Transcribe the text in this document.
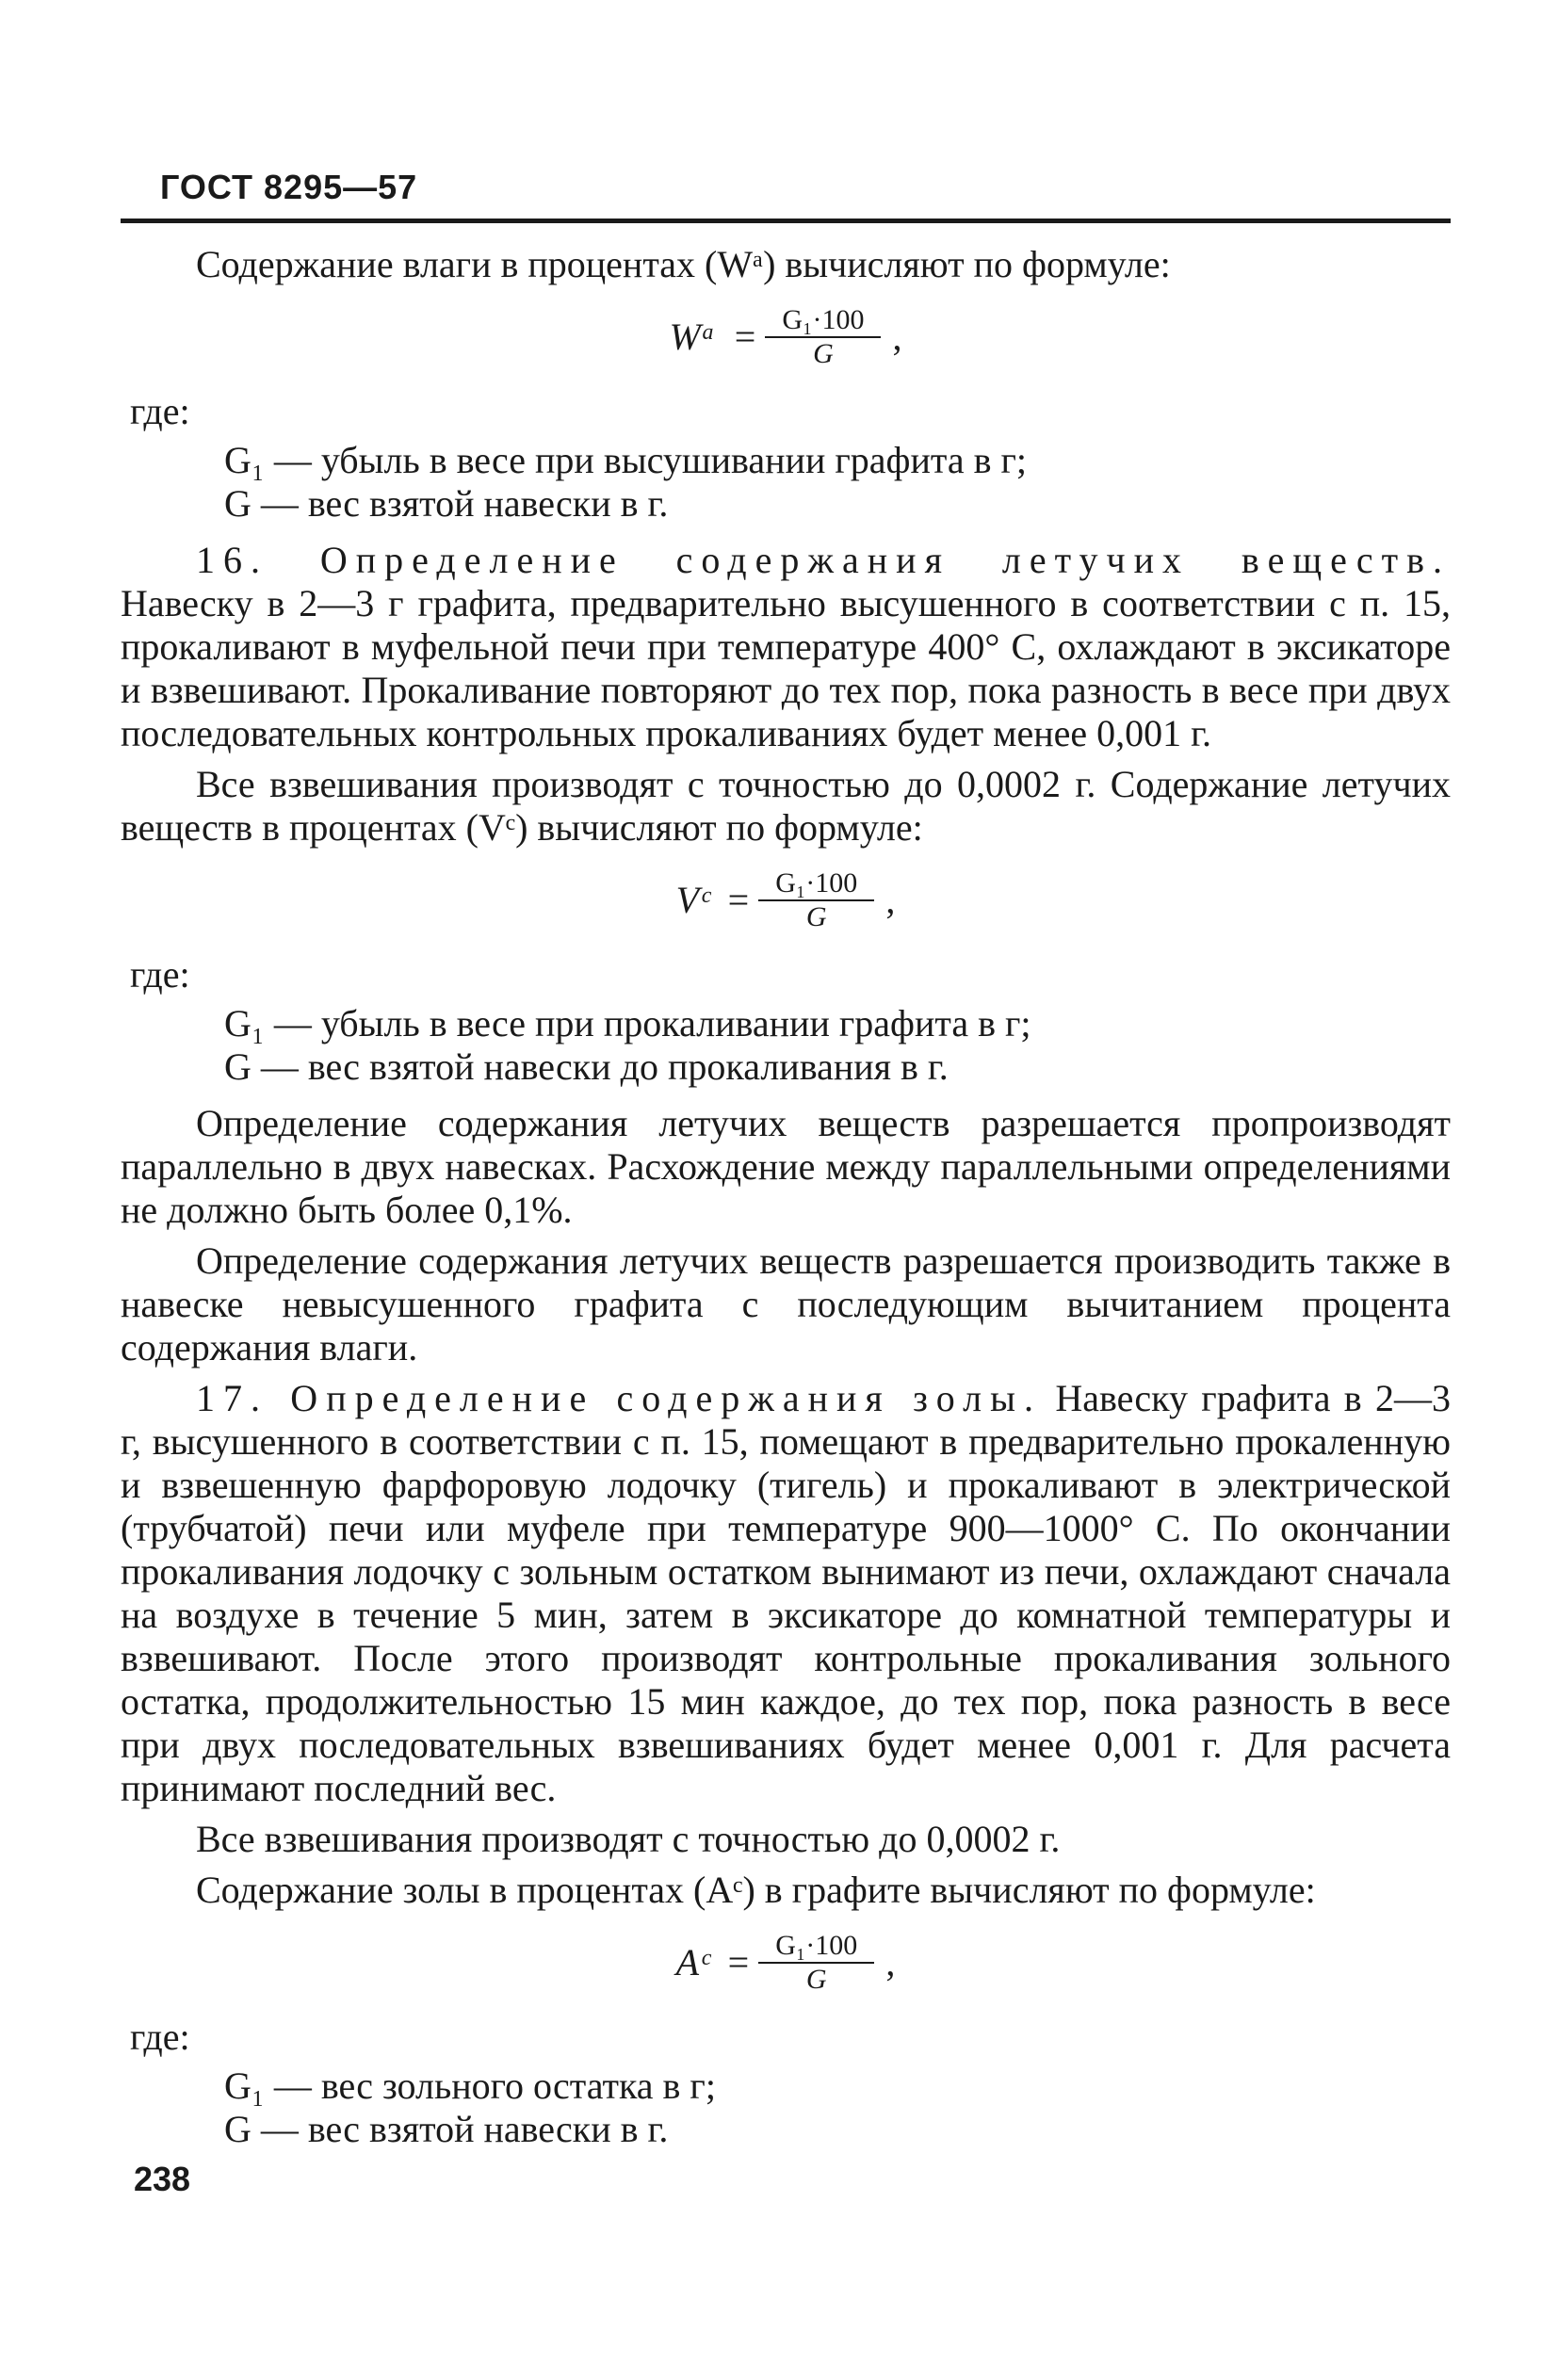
ГОСТ 8295—57

Содержание влаги в процентах (Wᵃ) вычисляют по формуле:

Wᵃ = $\frac{\text{G₁·100}}{G}$ ,
где:
G₁ — убыль в весе при высушивании графита в г;
G — вес взятой навески в г.

16. Определение содержания летучих веществ. Навеску в 2—3 г графита, предварительно высушенного в соответствии с п. 15, прокаливают в муфельной печи при температуре 400° С, охлаждают в эксикаторе и взвешивают. Прокаливание повторяют до тех пор, пока разность в весе при двух последовательных контрольных прокаливаниях будет менее 0,001 г.

Все взвешивания производят с точностью до 0,0002 г. Содержание летучих веществ в процентах (Vᶜ) вычисляют по формуле:

Vᶜ = $\frac{\text{G₁·100}}{G}$ ,
где:
G₁ — убыль в весе при прокаливании графита в г;
G — вес взятой навески до прокаливания в г.

Определение содержания летучих веществ разрешается пропроизводят параллельно в двух навесках. Расхождение между параллельными определениями не должно быть более 0,1%.

Определение содержания летучих веществ разрешается производить также в навеске невысушенного графита с последующим вычитанием процента содержания влаги.

17. Определение содержания золы. Навеску графита в 2—3 г, высушенного в соответствии с п. 15, помещают в предварительно прокаленную и взвешенную фарфоровую лодочку (тигель) и прокаливают в электрической (трубчатой) печи или муфеле при температуре 900—1000° С. По окончании прокаливания лодочку с зольным остатком вынимают из печи, охлаждают сначала на воздухе в течение 5 мин, затем в эксикаторе до комнатной температуры и взвешивают. После этого производят контрольные прокаливания зольного остатка, продолжительностью 15 мин каждое, до тех пор, пока разность в весе при двух последовательных взвешиваниях будет менее 0,001 г. Для расчета принимают последний вес.

Все взвешивания производят с точностью до 0,0002 г.

Содержание золы в процентах (Aᶜ) в графите вычисляют по формуле:

Aᶜ = $\frac{\text{G₁·100}}{G}$ ,
где:
G₁ — вес зольного остатка в г;
G — вес взятой навески в г.
238
